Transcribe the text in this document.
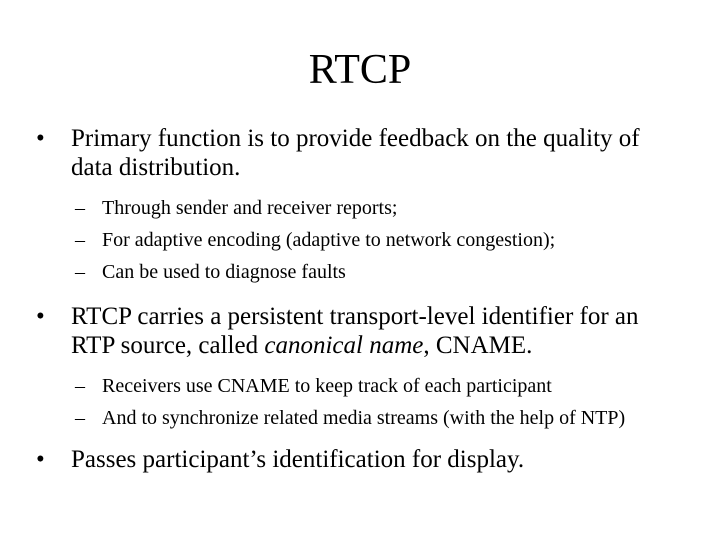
RTCP
• Primary function is to provide feedback on the quality of data distribution.
– Through sender and receiver reports;
– For adaptive encoding (adaptive to network congestion);
– Can be used to diagnose faults
• RTCP carries a persistent transport-level identifier for an RTP source, called canonical name, CNAME.
– Receivers use CNAME to keep track of each participant
– And to synchronize related media streams (with the help of NTP)
• Passes participant’s identification for display.
